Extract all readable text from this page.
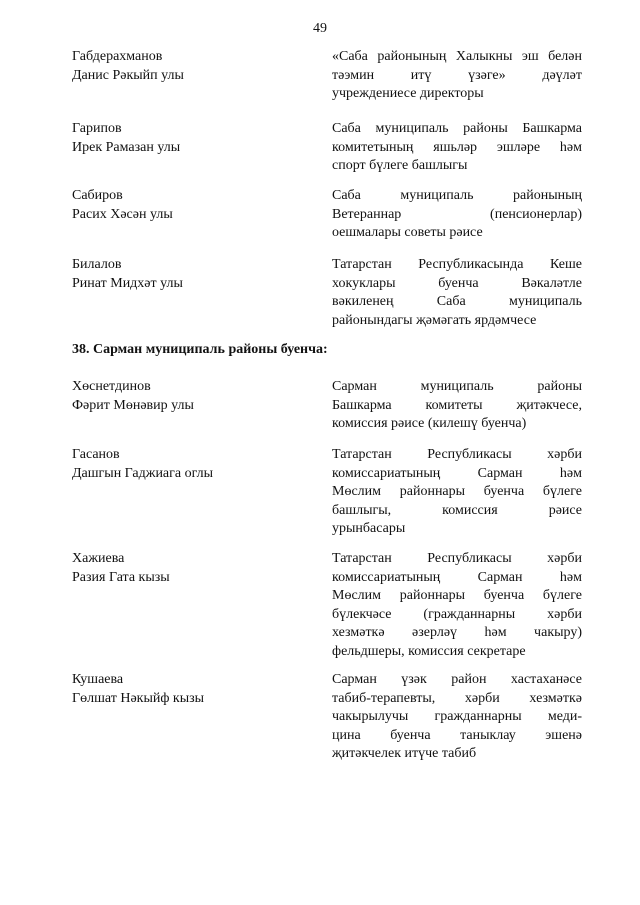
49
Габдерахманов
Данис Рәкыйп улы
«Саба районының Халыкны эш белән
тәэмин итү үзәге» дәүләт
учреждениесе директоры
Гарипов
Ирек Рамазан улы
Саба муниципаль районы Башкарма
комитетының яшьләр эшләре һәм
спорт бүлеге башлыгы
Сабиров
Расих Хәсән улы
Саба муниципаль районының
Ветераннар (пенсионерлар)
оешмалары советы рәисе
Билалов
Ринат Мидхәт улы
Татарстан Республикасында Кеше
хокуклары буенча Вәкаләтле
вәкиленең Саба муниципаль
районындагы җәмәгать ярдәмчесе
38. Сарман муниципаль районы буенча:
Хөснетдинов
Фәрит Мөнәвир улы
Сарман муниципаль районы
Башкарма комитеты җитәкчесе,
комиссия рәисе (килешү буенча)
Гасанов
Дашгын Гаджиага оглы
Татарстан Республикасы хәрби
комиссариатының Сарман һәм
Мөслим районнары буенча бүлеге
башлыгы, комиссия рәисе
урынбасары
Хажиева
Разия Гата кызы
Татарстан Республикасы хәрби
комиссариатының Сарман һәм
Мөслим районнары буенча бүлеге
бүлекчәсе (гражданнарны хәрби
хезмәткә әзерләү һәм чакыру)
фельдшеры, комиссия секретаре
Кушаева
Гөлшат Нәкыйф кызы
Сарман үзәк район хастаханәсе
табиб-терапевты, хәрби хезмәткә
чакырылучы гражданнарны меди-
цина буенча таныклау эшенә
җитәкчелек итүче табиб
